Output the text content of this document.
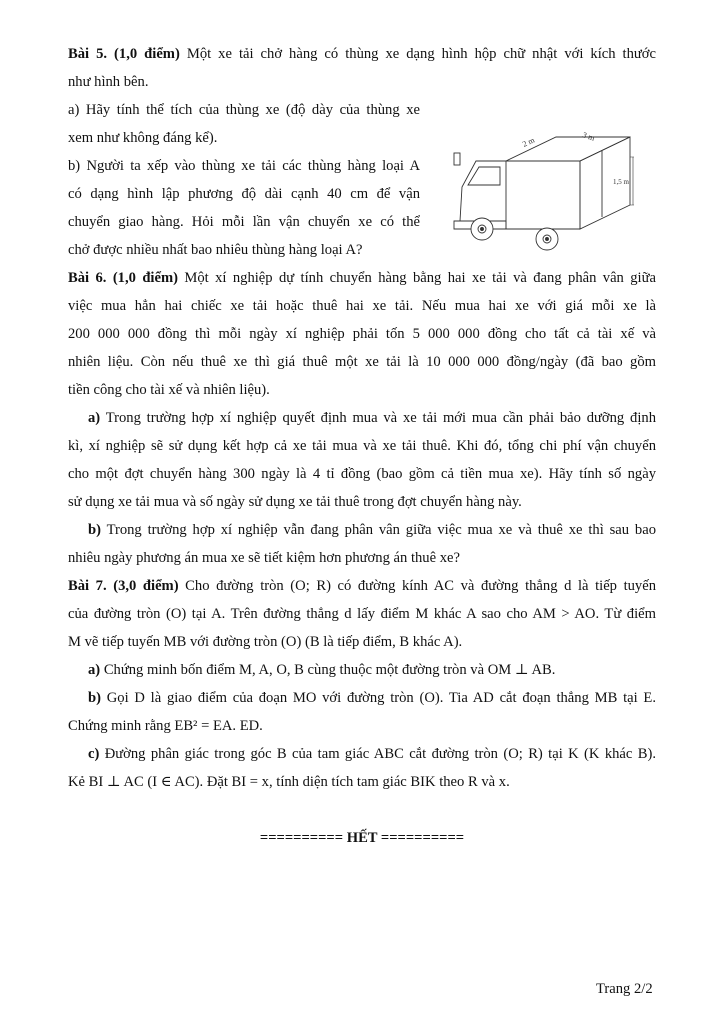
Bài 5. (1,0 điểm) Một xe tải chở hàng có thùng xe dạng hình hộp chữ nhật với kích thước
như hình bên.
a) Hãy tính thể tích của thùng xe (độ dày của thùng xe
xem như không đáng kể).
b) Người ta xếp vào thùng xe tải các thùng hàng loại A
có dạng hình lập phương độ dài cạnh 40 cm để vận
chuyển giao hàng. Hỏi mỗi lần vận chuyển xe có thể
chở được nhiều nhất bao nhiêu thùng hàng loại A?
2 m	3 m
1,5 m
Bài 6. (1,0 điểm) Một xí nghiệp dự tính chuyển hàng bằng hai xe tải và đang phân vân giữa
việc mua hẳn hai chiếc xe tải hoặc thuê hai xe tải. Nếu mua hai xe với giá mỗi xe là
200 000 000 đồng thì mỗi ngày xí nghiệp phải tốn 5 000 000 đồng cho tất cả tài xế và
nhiên liệu. Còn nếu thuê xe thì giá thuê một xe tải là 10 000 000 đồng/ngày (đã bao gồm
tiền công cho tài xế và nhiên liệu).
a) Trong trường hợp xí nghiệp quyết định mua và xe tải mới mua cần phải bảo dưỡng định
kì, xí nghiệp sẽ sử dụng kết hợp cả xe tải mua và xe tải thuê. Khi đó, tổng chi phí vận chuyển
cho một đợt chuyển hàng 300 ngày là 4 tỉ đồng (bao gồm cả tiền mua xe). Hãy tính số ngày
sử dụng xe tải mua và số ngày sử dụng xe tải thuê trong đợt chuyển hàng này.
b) Trong trường hợp xí nghiệp vẫn đang phân vân giữa việc mua xe và thuê xe thì sau bao
nhiêu ngày phương án mua xe sẽ tiết kiệm hơn phương án thuê xe?
Bài 7. (3,0 điểm) Cho đường tròn (O; R) có đường kính AC và đường thẳng d là tiếp tuyến
của đường tròn (O) tại A. Trên đường thẳng d lấy điểm M khác A sao cho AM > AO. Từ điểm
M vẽ tiếp tuyến MB với đường tròn (O) (B là tiếp điểm, B khác A).
a) Chứng minh bốn điểm M, A, O, B cùng thuộc một đường tròn và OM ⊥ AB.
b) Gọi D là giao điểm của đoạn MO với đường tròn (O). Tia AD cắt đoạn thẳng MB tại E.
Chứng minh rằng EB² = EA. ED.
c) Đường phân giác trong góc B của tam giác ABC cắt đường tròn (O; R) tại K (K khác B).
Kẻ BI ⊥ AC (I ∈ AC). Đặt BI = x, tính diện tích tam giác BIK theo R và x.
========== HẾT ==========
Trang 2/2
